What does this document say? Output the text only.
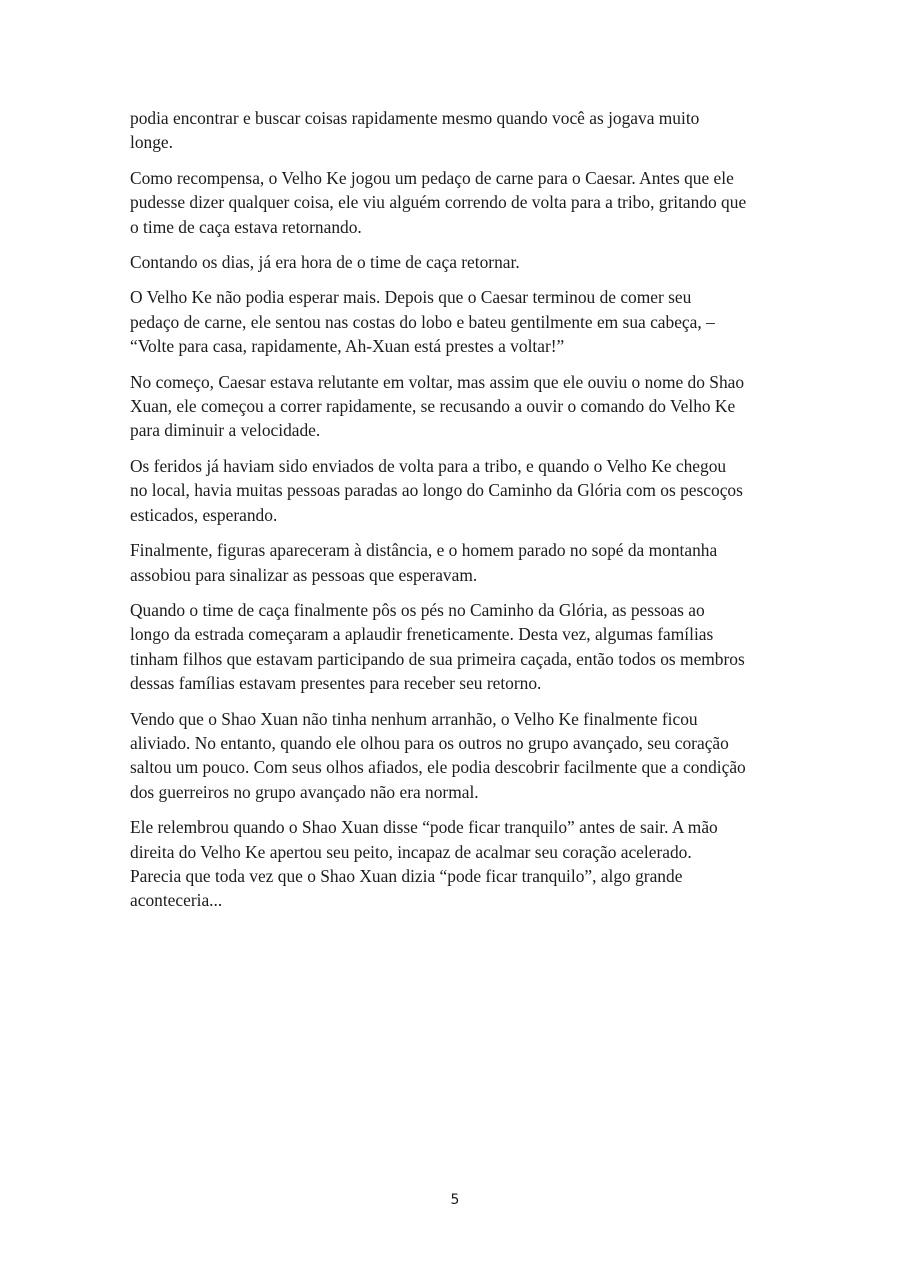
podia encontrar e buscar coisas rapidamente mesmo quando você as jogava muito
longe.

Como recompensa, o Velho Ke jogou um pedaço de carne para o Caesar. Antes que ele
pudesse dizer qualquer coisa, ele viu alguém correndo de volta para a tribo, gritando que
o time de caça estava retornando.

Contando os dias, já era hora de o time de caça retornar.

O Velho Ke não podia esperar mais. Depois que o Caesar terminou de comer seu
pedaço de carne, ele sentou nas costas do lobo e bateu gentilmente em sua cabeça, –
“Volte para casa, rapidamente, Ah-Xuan está prestes a voltar!”

No começo, Caesar estava relutante em voltar, mas assim que ele ouviu o nome do Shao
Xuan, ele começou a correr rapidamente, se recusando a ouvir o comando do Velho Ke
para diminuir a velocidade.

Os feridos já haviam sido enviados de volta para a tribo, e quando o Velho Ke chegou
no local, havia muitas pessoas paradas ao longo do Caminho da Glória com os pescoços
esticados, esperando.

Finalmente, figuras apareceram à distância, e o homem parado no sopé da montanha
assobiou para sinalizar as pessoas que esperavam.

Quando o time de caça finalmente pôs os pés no Caminho da Glória, as pessoas ao
longo da estrada começaram a aplaudir freneticamente. Desta vez, algumas famílias
tinham filhos que estavam participando de sua primeira caçada, então todos os membros
dessas famílias estavam presentes para receber seu retorno.

Vendo que o Shao Xuan não tinha nenhum arranhão, o Velho Ke finalmente ficou
aliviado. No entanto, quando ele olhou para os outros no grupo avançado, seu coração
saltou um pouco. Com seus olhos afiados, ele podia descobrir facilmente que a condição
dos guerreiros no grupo avançado não era normal.

Ele relembrou quando o Shao Xuan disse “pode ficar tranquilo” antes de sair. A mão
direita do Velho Ke apertou seu peito, incapaz de acalmar seu coração acelerado.
Parecia que toda vez que o Shao Xuan dizia “pode ficar tranquilo”, algo grande
aconteceria...

5
